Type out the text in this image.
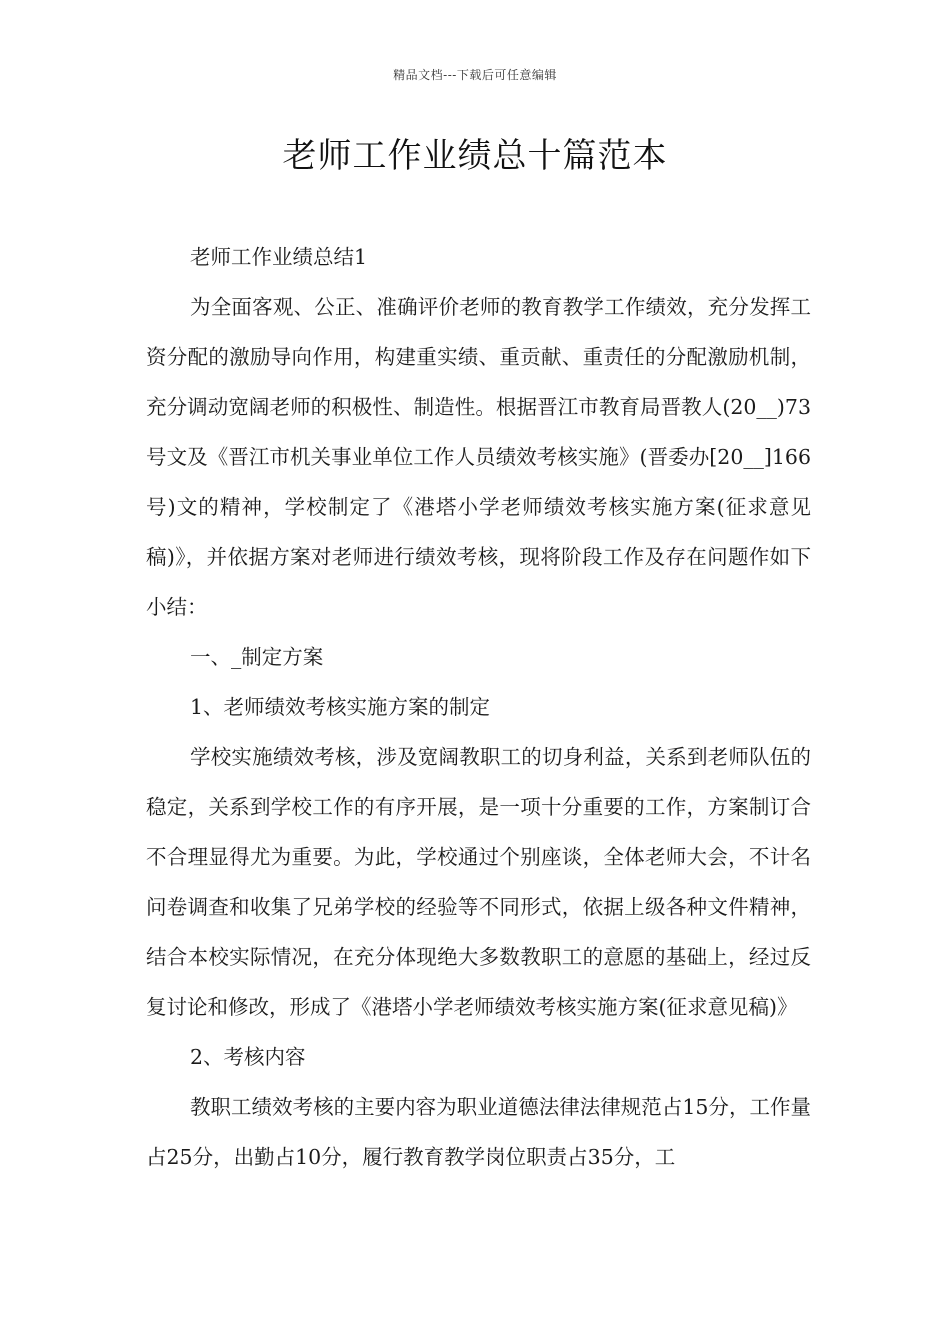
精品文档---下载后可任意编辑
老师工作业绩总十篇范本

老师工作业绩总结1

为全面客观、公正、准确评价老师的教育教学工作绩效，充分发挥工资分配的激励导向作用，构建重实绩、重贡献、重责任的分配激励机制，充分调动宽阔老师的积极性、制造性。根据晋江市教育局晋教人(20__)73号文及《晋江市机关事业单位工作人员绩效考核实施》(晋委办[20__]166号)文的精神，学校制定了《港塔小学老师绩效考核实施方案(征求意见稿)》，并依据方案对老师进行绩效考核，现将阶段工作及存在问题作如下小结：

一、_制定方案

1、老师绩效考核实施方案的制定

学校实施绩效考核，涉及宽阔教职工的切身利益，关系到老师队伍的稳定，关系到学校工作的有序开展，是一项十分重要的工作，方案制订合不合理显得尤为重要。为此，学校通过个别座谈，全体老师大会，不计名问卷调查和收集了兄弟学校的经验等不同形式，依据上级各种文件精神，结合本校实际情况，在充分体现绝大多数教职工的意愿的基础上，经过反复讨论和修改，形成了《港塔小学老师绩效考核实施方案(征求意见稿)》

2、考核内容

教职工绩效考核的主要内容为职业道德法律法律规范占15分，工作量占25分，出勤占10分，履行教育教学岗位职责占35分，工
